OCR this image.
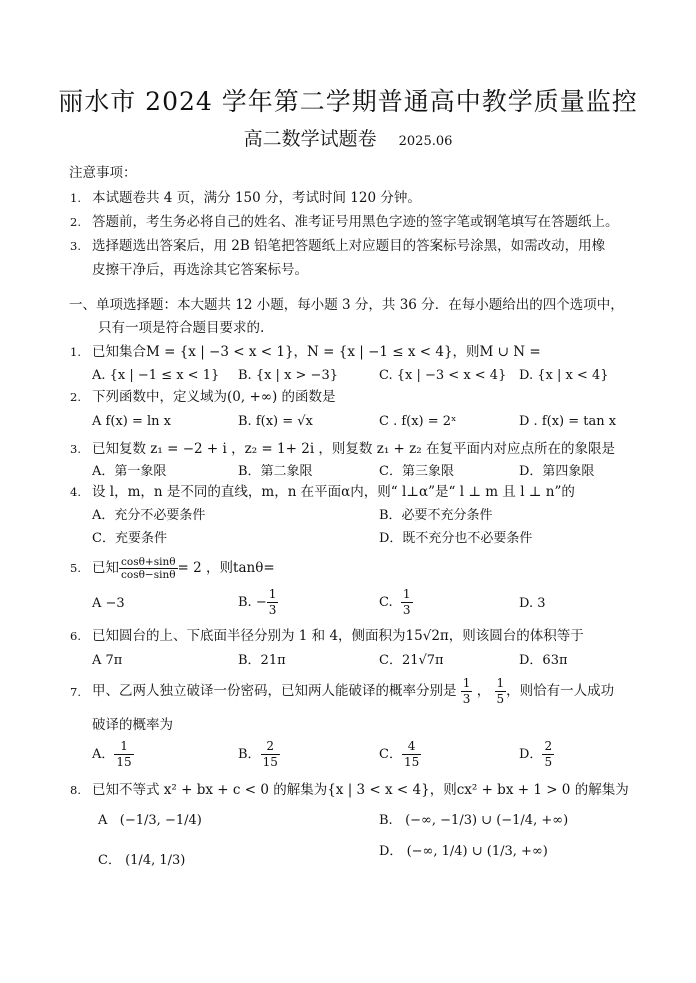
丽水市 2024 学年第二学期普通高中教学质量监控
高二数学试题卷 2025.06
注意事项：
1. 本试题卷共 4 页，满分 150 分，考试时间 120 分钟。
2. 答题前，考生务必将自己的姓名、准考证号用黑色字迹的签字笔或钢笔填写在答题纸上。
3. 选择题选出答案后，用 2B 铅笔把答题纸上对应题目的答案标号涂黑，如需改动，用橡
皮擦干净后，再选涂其它答案标号。
一、单项选择题：本大题共 12 小题，每小题 3 分，共 36 分．在每小题给出的四个选项中，
只有一项是符合题目要求的.
1. 已知集合M = {x | −3 < x < 1}，N = {x | −1 ≤ x < 4}，则M ∪ N =
A. {x | −1 ≤ x < 1} B. {x | x > −3}	C. {x | −3 < x < 4} D. {x | x < 4}
2. 下列函数中，定义域为(0, +∞) 的函数是
A f(x) = ln x	B. f(x) = √x	C . f(x) = 2ˣ	D . f(x) = tan x
3. 已知复数 z₁ = −2 + i ，z₂ = 1+ 2i ，则复数 z₁ + z₂ 在复平面内对应点所在的象限是
A．第一象限	B．第二象限	C．第三象限	D．第四象限
4. 设 l，m，n 是不同的直线，m，n 在平面α内，则“ l⊥α”是“ l ⊥ m 且 l ⊥ n”的
A．充分不必要条件	B．必要不充分条件
C．充要条件	D．既不充分也不必要条件
5. 已知 $\frac{\cos\theta+\sin\theta}{\cos\theta-\sin\theta} = 2$ ，则tanθ=
A −3	B. − $\frac{1}{3}$	C. $\frac{1}{3}$	D. 3
6. 已知圆台的上、下底面半径分别为 1 和 4，侧面积为15√2π，则该圆台的体积等于
A 7π	B．21π	C．21√7π	D．63π
7. 甲、乙两人独立破译一份密码，已知两人能破译的概率分别是 $\frac{1}{3}$ ， $\frac{1}{5}$ ，则恰有一人成功
破译的概率为
A． $\frac{1}{15}$	B． $\frac{2}{15}$	C． $\frac{4}{15}$	D． $\frac{2}{5}$
8. 已知不等式 x² + bx + c < 0 的解集为{x | 3 < x < 4}，则cx² + bx + 1 > 0 的解集为
A (−1/3, −1/4)	B. (−∞, −1/3) ∪ (−1/4, +∞)
C． (1/4, 1/3)
D． (−∞, 1/4) ∪ (1/3, +∞)
